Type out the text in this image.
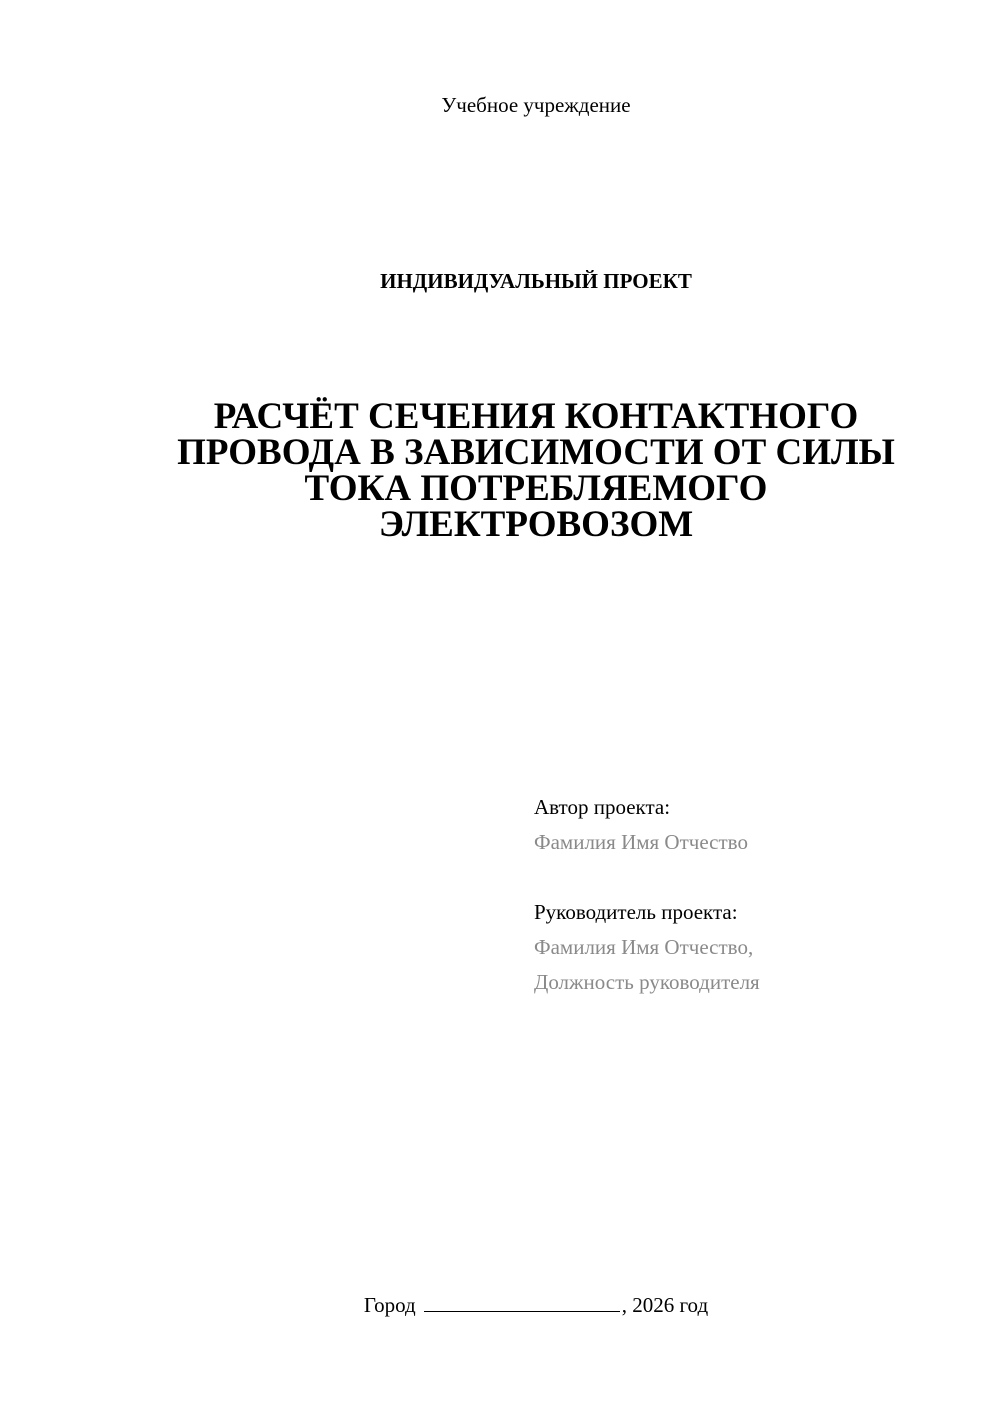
Учебное учреждение
ИНДИВИДУАЛЬНЫЙ ПРОЕКТ
РАСЧЁТ СЕЧЕНИЯ КОНТАКТНОГО
ПРОВОДА В ЗАВИСИМОСТИ ОТ СИЛЫ
ТОКА ПОТРЕБЛЯЕМОГО
ЭЛЕКТРОВОЗОМ
Автор проекта:
Фамилия Имя Отчество
Руководитель проекта:
Фамилия Имя Отчество,
Должность руководителя
Город	, 2026 год
